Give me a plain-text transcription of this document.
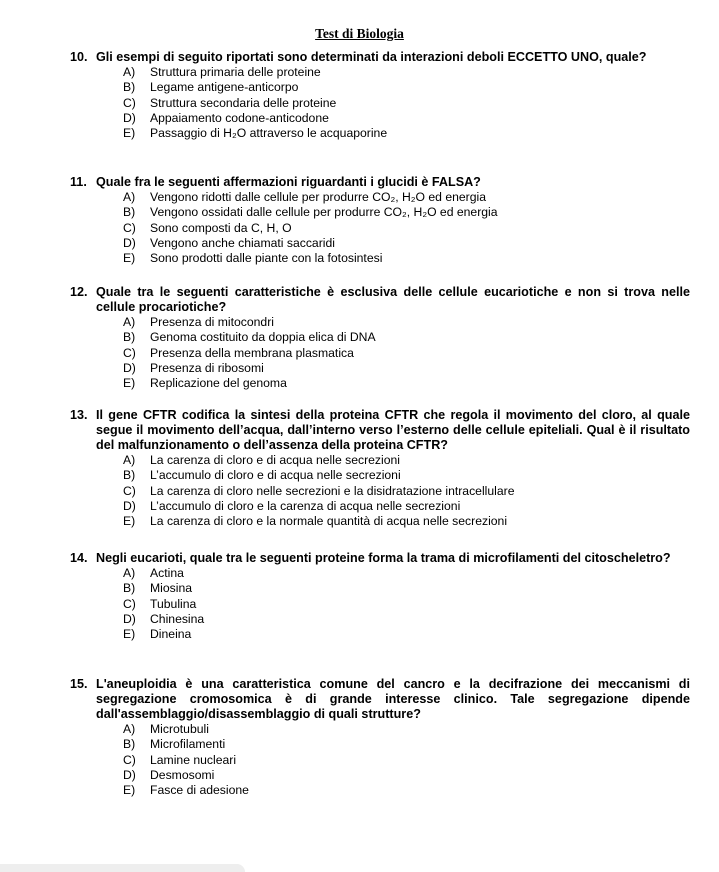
Test di Biologia
10. Gli esempi di seguito riportati sono determinati da interazioni deboli ECCETTO UNO, quale?
A)	Struttura primaria delle proteine
B)	Legame antigene-anticorpo
C)	Struttura secondaria delle proteine
D)	Appaiamento codone-anticodone
E)	Passaggio di H₂O attraverso le acquaporine
11. Quale fra le seguenti affermazioni riguardanti i glucidi è FALSA?
A)	Vengono ridotti dalle cellule per produrre CO₂, H₂O ed energia
B)	Vengono ossidati dalle cellule per produrre CO₂, H₂O ed energia
C)	Sono composti da C, H, O
D)	Vengono anche chiamati saccaridi
E)	Sono prodotti dalle piante con la fotosintesi
12. Quale tra le seguenti caratteristiche è esclusiva delle cellule eucariotiche e non si trova nelle cellule procariotiche?
A)	Presenza di mitocondri
B)	Genoma costituito da doppia elica di DNA
C)	Presenza della membrana plasmatica
D)	Presenza di ribosomi
E)	Replicazione del genoma
13. Il gene CFTR codifica la sintesi della proteina CFTR che regola il movimento del cloro, al quale segue il movimento dell’acqua, dall’interno verso l’esterno delle cellule epiteliali. Qual è il risultato del malfunzionamento o dell’assenza della proteina CFTR?
A)	La carenza di cloro e di acqua nelle secrezioni
B)	L’accumulo di cloro e di acqua nelle secrezioni
C)	La carenza di cloro nelle secrezioni e la disidratazione intracellulare
D)	L’accumulo di cloro e la carenza di acqua nelle secrezioni
E)	La carenza di cloro e la normale quantità di acqua nelle secrezioni
14. Negli eucarioti, quale tra le seguenti proteine forma la trama di microfilamenti del citoscheletro?
A)	Actina
B)	Miosina
C)	Tubulina
D)	Chinesina
E)	Dineina
15. L'aneuploidia è una caratteristica comune del cancro e la decifrazione dei meccanismi di segregazione cromosomica è di grande interesse clinico. Tale segregazione dipende dall'assemblaggio/disassemblaggio di quali strutture?
A)	Microtubuli
B)	Microfilamenti
C)	Lamine nucleari
D)	Desmosomi
E)	Fasce di adesione
